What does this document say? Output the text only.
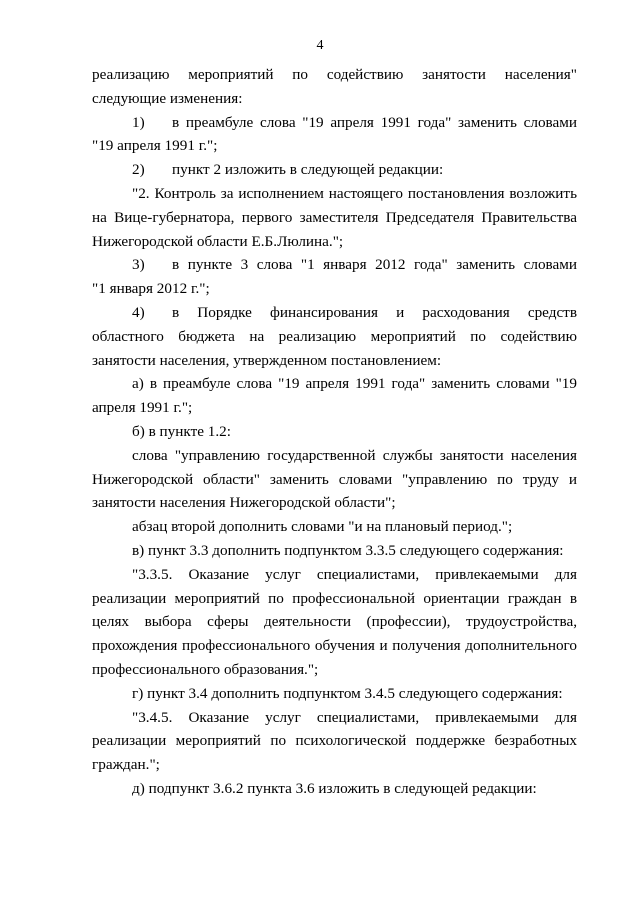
4

реализацию мероприятий по содействию занятости населения" следующие изменения:

1)	в преамбуле слова "19 апреля 1991 года" заменить словами

"19 апреля 1991 г.";

2)	пункт 2 изложить в следующей редакции:

"2. Контроль за исполнением настоящего постановления возложить на Вице-губернатора, первого заместителя Председателя Правительства Нижегородской области Е.Б.Люлина.";

3)	в пункте 3 слова "1 января 2012 года" заменить словами

"1 января 2012 г.";

4) в Порядке финансирования и расходования средств областного бюджета на реализацию мероприятий по содействию занятости населения, утвержденном постановлением:

а) в преамбуле слова "19 апреля 1991 года" заменить словами "19 апреля 1991 г.";

б) в пункте 1.2:

слова "управлению государственной службы занятости населения Нижегородской области" заменить словами "управлению по труду и занятости населения Нижегородской области";

абзац второй дополнить словами "и на плановый период.";

в) пункт 3.3 дополнить подпунктом 3.3.5 следующего содержания:

"3.3.5. Оказание услуг специалистами, привлекаемыми для реализации мероприятий по профессиональной ориентации граждан в целях выбора сферы деятельности (профессии), трудоустройства, прохождения профессионального обучения и получения дополнительного профессионального образования.";

г) пункт 3.4 дополнить подпунктом 3.4.5 следующего содержания:

"3.4.5. Оказание услуг специалистами, привлекаемыми для реализации мероприятий по психологической поддержке безработных граждан.";

д) подпункт 3.6.2 пункта 3.6 изложить в следующей редакции:
